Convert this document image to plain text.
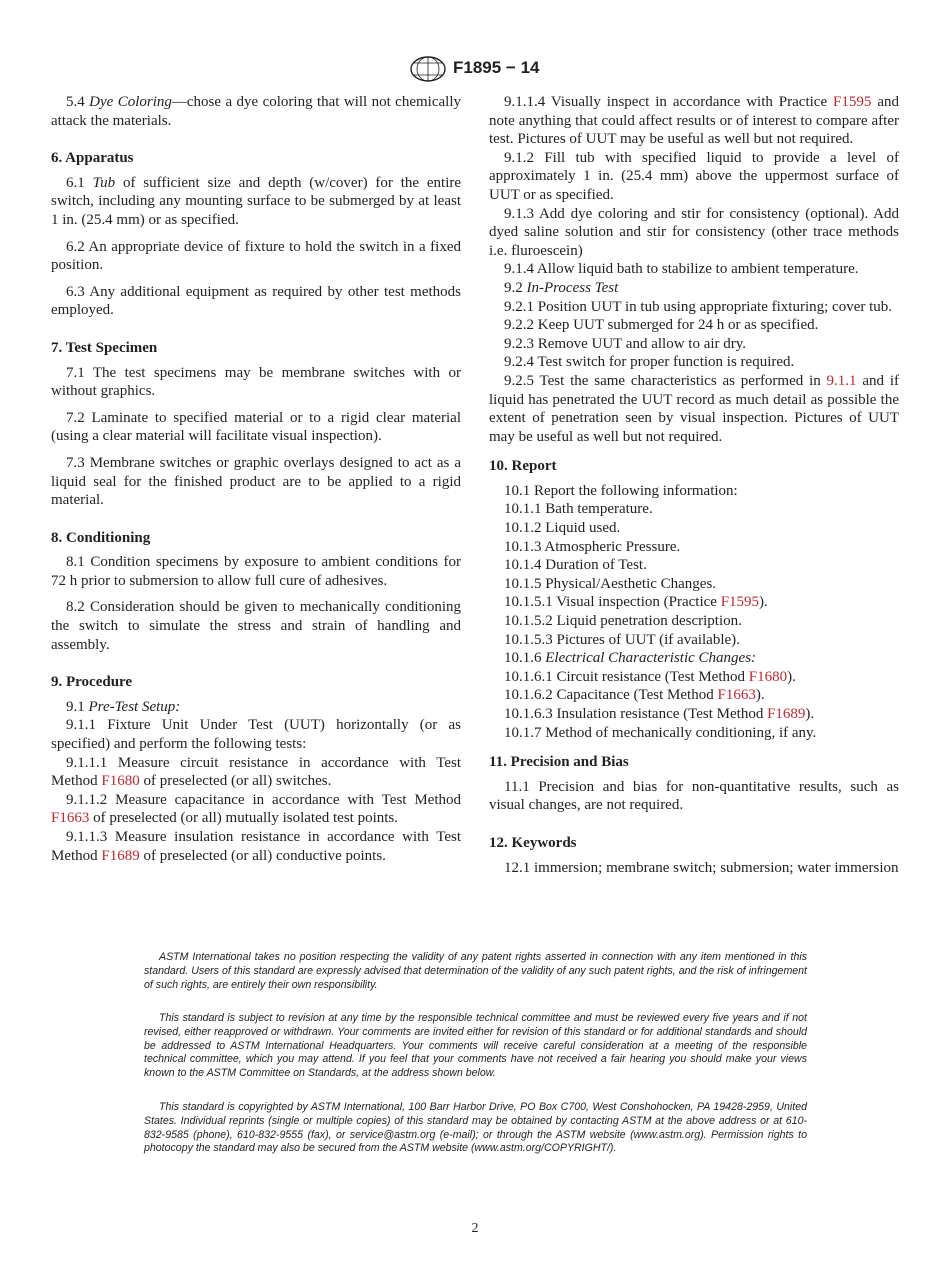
F1895 − 14

5.4 Dye Coloring—chose a dye coloring that will not chemically attack the materials.

6. Apparatus

6.1 Tub of sufficient size and depth (w/cover) for the entire switch, including any mounting surface to be submerged by at least 1 in. (25.4 mm) or as specified.

6.2 An appropriate device of fixture to hold the switch in a fixed position.

6.3 Any additional equipment as required by other test methods employed.

7. Test Specimen

7.1 The test specimens may be membrane switches with or without graphics.

7.2 Laminate to specified material or to a rigid clear material (using a clear material will facilitate visual inspection).

7.3 Membrane switches or graphic overlays designed to act as a liquid seal for the finished product are to be applied to a rigid material.

8. Conditioning

8.1 Condition specimens by exposure to ambient conditions for 72 h prior to submersion to allow full cure of adhesives.

8.2 Consideration should be given to mechanically conditioning the switch to simulate the stress and strain of handling and assembly.

9. Procedure

9.1 Pre-Test Setup:

9.1.1 Fixture Unit Under Test (UUT) horizontally (or as specified) and perform the following tests:

9.1.1.1 Measure circuit resistance in accordance with Test Method F1680 of preselected (or all) switches.

9.1.1.2 Measure capacitance in accordance with Test Method F1663 of preselected (or all) mutually isolated test points.

9.1.1.3 Measure insulation resistance in accordance with Test Method F1689 of preselected (or all) conductive points.

9.1.1.4 Visually inspect in accordance with Practice F1595 and note anything that could affect results or of interest to compare after test. Pictures of UUT may be useful as well but not required.

9.1.2 Fill tub with specified liquid to provide a level of approximately 1 in. (25.4 mm) above the uppermost surface of UUT or as specified.

9.1.3 Add dye coloring and stir for consistency (optional). Add dyed saline solution and stir for consistency (other trace methods i.e. fluroescein)

9.1.4 Allow liquid bath to stabilize to ambient temperature.

9.2 In-Process Test

9.2.1 Position UUT in tub using appropriate fixturing; cover tub.

9.2.2 Keep UUT submerged for 24 h or as specified.

9.2.3 Remove UUT and allow to air dry.

9.2.4 Test switch for proper function is required.

9.2.5 Test the same characteristics as performed in 9.1.1 and if liquid has penetrated the UUT record as much detail as possible the extent of penetration seen by visual inspection. Pictures of UUT may be useful as well but not required.

10. Report

10.1 Report the following information:

10.1.1 Bath temperature.

10.1.2 Liquid used.

10.1.3 Atmospheric Pressure.

10.1.4 Duration of Test.

10.1.5 Physical/Aesthetic Changes.

10.1.5.1 Visual inspection (Practice F1595).

10.1.5.2 Liquid penetration description.

10.1.5.3 Pictures of UUT (if available).

10.1.6 Electrical Characteristic Changes:

10.1.6.1 Circuit resistance (Test Method F1680).

10.1.6.2 Capacitance (Test Method F1663).

10.1.6.3 Insulation resistance (Test Method F1689).

10.1.7 Method of mechanically conditioning, if any.

11. Precision and Bias

11.1 Precision and bias for non-quantitative results, such as visual changes, are not required.

12. Keywords

12.1 immersion; membrane switch; submersion; water immersion

ASTM International takes no position respecting the validity of any patent rights asserted in connection with any item mentioned in this standard. Users of this standard are expressly advised that determination of the validity of any such patent rights, and the risk of infringement of such rights, are entirely their own responsibility.

This standard is subject to revision at any time by the responsible technical committee and must be reviewed every five years and if not revised, either reapproved or withdrawn. Your comments are invited either for revision of this standard or for additional standards and should be addressed to ASTM International Headquarters. Your comments will receive careful consideration at a meeting of the responsible technical committee, which you may attend. If you feel that your comments have not received a fair hearing you should make your views known to the ASTM Committee on Standards, at the address shown below.

This standard is copyrighted by ASTM International, 100 Barr Harbor Drive, PO Box C700, West Conshohocken, PA 19428-2959, United States. Individual reprints (single or multiple copies) of this standard may be obtained by contacting ASTM at the above address or at 610-832-9585 (phone), 610-832-9555 (fax), or service@astm.org (e-mail); or through the ASTM website (www.astm.org). Permission rights to photocopy the standard may also be secured from the ASTM website (www.astm.org/COPYRIGHT/).

2
